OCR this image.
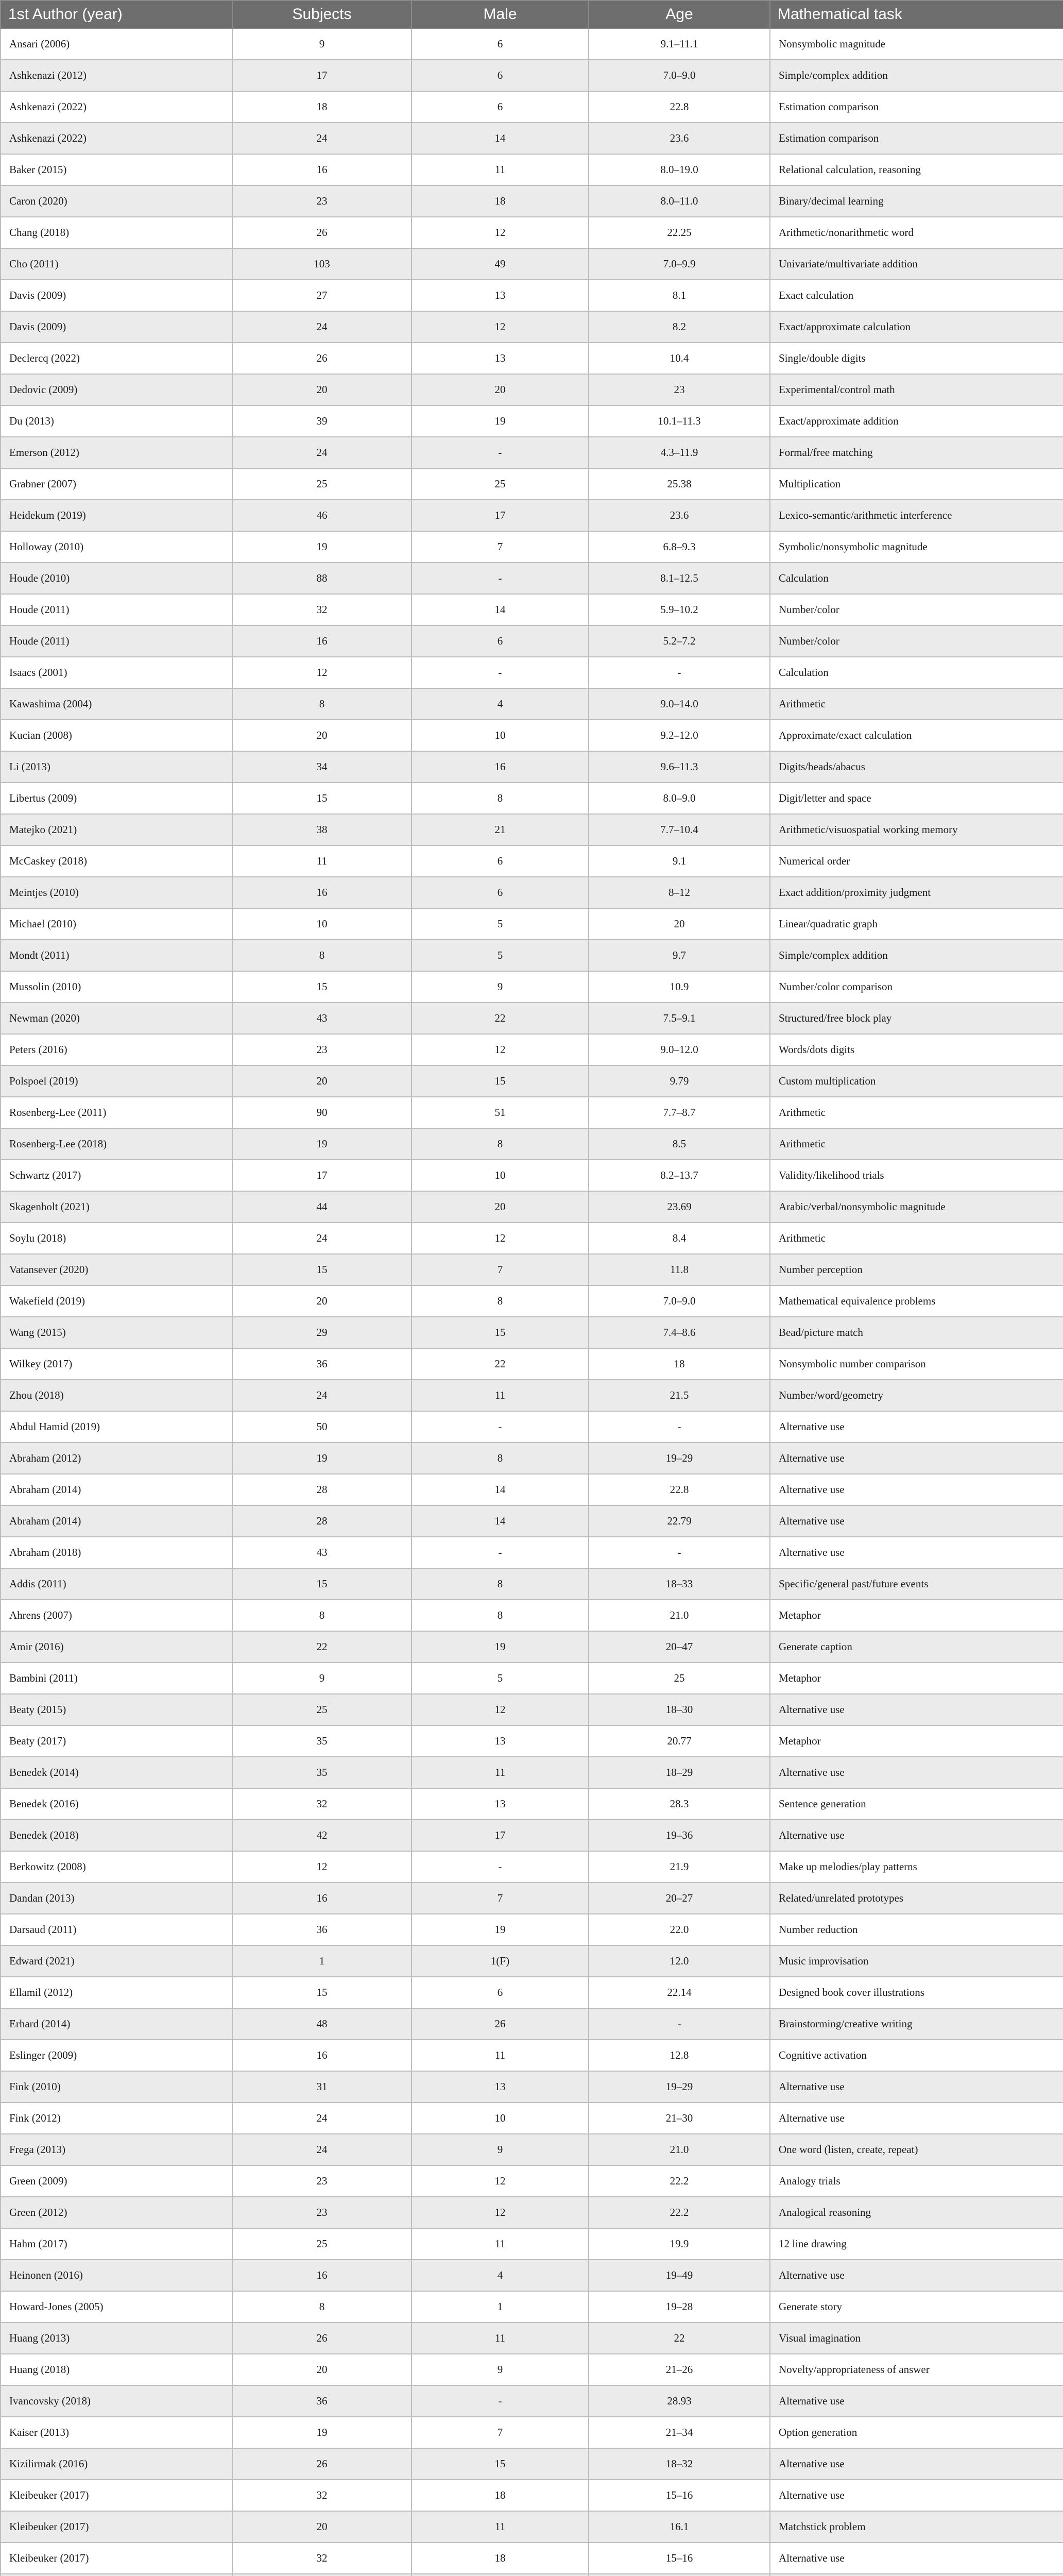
1st Author (year)	Subjects	Male	Age	Mathematical task
Ansari (2006)	9	6	9.1–11.1	Nonsymbolic magnitude
Ashkenazi (2012)	17	6	7.0–9.0	Simple/complex addition
Ashkenazi (2022)	18	6	22.8	Estimation comparison
Ashkenazi (2022)	24	14	23.6	Estimation comparison
Baker (2015)	16	11	8.0–19.0	Relational calculation, reasoning
Caron (2020)	23	18	8.0–11.0	Binary/decimal learning
Chang (2018)	26	12	22.25	Arithmetic/nonarithmetic word
Cho (2011)	103	49	7.0–9.9	Univariate/multivariate addition
Davis (2009)	27	13	8.1	Exact calculation
Davis (2009)	24	12	8.2	Exact/approximate calculation
Declercq (2022)	26	13	10.4	Single/double digits
Dedovic (2009)	20	20	23	Experimental/control math
Du (2013)	39	19	10.1–11.3	Exact/approximate addition
Emerson (2012)	24	-	4.3–11.9	Formal/free matching
Grabner (2007)	25	25	25.38	Multiplication
Heidekum (2019)	46	17	23.6	Lexico-semantic/arithmetic interference
Holloway (2010)	19	7	6.8–9.3	Symbolic/nonsymbolic magnitude
Houde (2010)	88	-	8.1–12.5	Calculation
Houde (2011)	32	14	5.9–10.2	Number/color
Houde (2011)	16	6	5.2–7.2	Number/color
Isaacs (2001)	12	-	-	Calculation
Kawashima (2004)	8	4	9.0–14.0	Arithmetic
Kucian (2008)	20	10	9.2–12.0	Approximate/exact calculation
Li (2013)	34	16	9.6–11.3	Digits/beads/abacus
Libertus (2009)	15	8	8.0–9.0	Digit/letter and space
Matejko (2021)	38	21	7.7–10.4	Arithmetic/visuospatial working memory
McCaskey (2018)	11	6	9.1	Numerical order
Meintjes (2010)	16	6	8–12	Exact addition/proximity judgment
Michael (2010)	10	5	20	Linear/quadratic graph
Mondt (2011)	8	5	9.7	Simple/complex addition
Mussolin (2010)	15	9	10.9	Number/color comparison
Newman (2020)	43	22	7.5–9.1	Structured/free block play
Peters (2016)	23	12	9.0–12.0	Words/dots digits
Polspoel (2019)	20	15	9.79	Custom multiplication
Rosenberg-Lee (2011)	90	51	7.7–8.7	Arithmetic
Rosenberg-Lee (2018)	19	8	8.5	Arithmetic
Schwartz (2017)	17	10	8.2–13.7	Validity/likelihood trials
Skagenholt (2021)	44	20	23.69	Arabic/verbal/nonsymbolic magnitude
Soylu (2018)	24	12	8.4	Arithmetic
Vatansever (2020)	15	7	11.8	Number perception
Wakefield (2019)	20	8	7.0–9.0	Mathematical equivalence problems
Wang (2015)	29	15	7.4–8.6	Bead/picture match
Wilkey (2017)	36	22	18	Nonsymbolic number comparison
Zhou (2018)	24	11	21.5	Number/word/geometry
Abdul Hamid (2019)	50	-	-	Alternative use
Abraham (2012)	19	8	19–29	Alternative use
Abraham (2014)	28	14	22.8	Alternative use
Abraham (2014)	28	14	22.79	Alternative use
Abraham (2018)	43	-	-	Alternative use
Addis (2011)	15	8	18–33	Specific/general past/future events
Ahrens (2007)	8	8	21.0	Metaphor
Amir (2016)	22	19	20–47	Generate caption
Bambini (2011)	9	5	25	Metaphor
Beaty (2015)	25	12	18–30	Alternative use
Beaty (2017)	35	13	20.77	Metaphor
Benedek (2014)	35	11	18–29	Alternative use
Benedek (2016)	32	13	28.3	Sentence generation
Benedek (2018)	42	17	19–36	Alternative use
Berkowitz (2008)	12	-	21.9	Make up melodies/play patterns
Dandan (2013)	16	7	20–27	Related/unrelated prototypes
Darsaud (2011)	36	19	22.0	Number reduction
Edward (2021)	1	1(F)	12.0	Music improvisation
Ellamil (2012)	15	6	22.14	Designed book cover illustrations
Erhard (2014)	48	26	-	Brainstorming/creative writing
Eslinger (2009)	16	11	12.8	Cognitive activation
Fink (2010)	31	13	19–29	Alternative use
Fink (2012)	24	10	21–30	Alternative use
Frega (2013)	24	9	21.0	One word (listen, create, repeat)
Green (2009)	23	12	22.2	Analogy trials
Green (2012)	23	12	22.2	Analogical reasoning
Hahm (2017)	25	11	19.9	12 line drawing
Heinonen (2016)	16	4	19–49	Alternative use
Howard-Jones (2005)	8	1	19–28	Generate story
Huang (2013)	26	11	22	Visual imagination
Huang (2018)	20	9	21–26	Novelty/appropriateness of answer
Ivancovsky (2018)	36	-	28.93	Alternative use
Kaiser (2013)	19	7	21–34	Option generation
Kizilirmak (2016)	26	15	18–32	Alternative use
Kleibeuker (2017)	32	18	15–16	Alternative use
Kleibeuker (2017)	20	11	16.1	Matchstick problem
Kleibeuker (2017)	32	18	15–16	Alternative use
